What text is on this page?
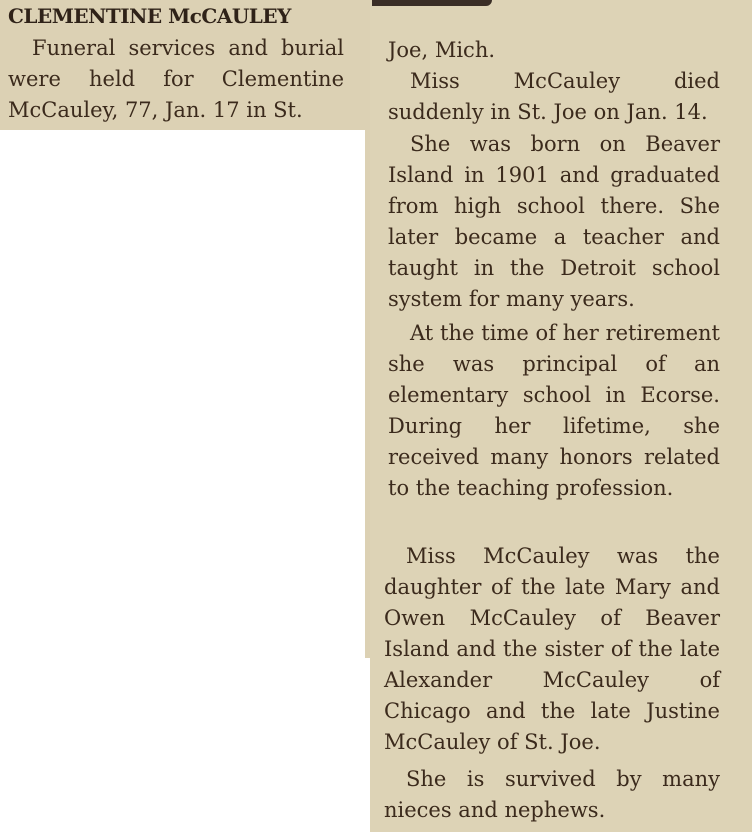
CLEMENTINE McCAULEY

Funeral services and burial were held for Clementine McCauley, 77, Jan. 17 in St.

Joe, Mich.

Miss McCauley died suddenly in St. Joe on Jan. 14.

She was born on Beaver Island in 1901 and graduated from high school there. She later became a teacher and taught in the Detroit school system for many years.

At the time of her retirement she was principal of an elementary school in Ecorse. During her lifetime, she received many honors related to the teaching profession.

Miss McCauley was the daughter of the late Mary and Owen McCauley of Beaver Island and the sister of the late Alexander McCauley of Chicago and the late Justine McCauley of St. Joe.

She is survived by many nieces and nephews.
